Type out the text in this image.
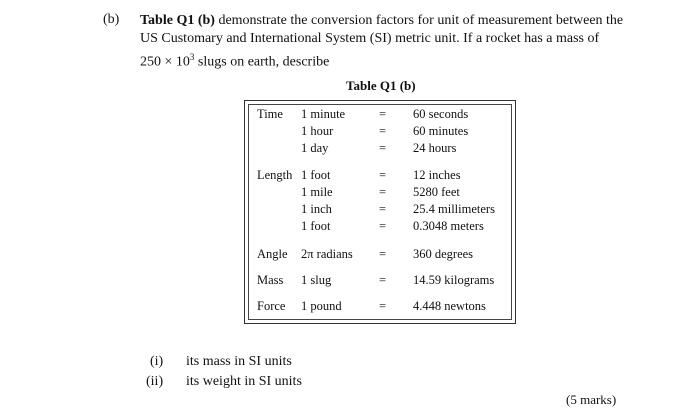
(b) Table Q1 (b) demonstrate the conversion factors for unit of measurement between the
US Customary and International System (SI) metric unit. If a rocket has a mass of
$250 \times 10^3$ slugs on earth, describe
Table Q1 (b)
Time 1 minute	= 60 seconds
1 hour	= 60 minutes
1 day	= 24 hours
Length 1 foot	= 12 inches
1 mile	= 5280 feet
1 inch	= 25.4 millimeters
1 foot	= 0.3048 meters
Angle 2π radians = 360 degrees
Mass 1 slug	= 14.59 kilograms
Force 1 pound	= 4.448 newtons
(i) its mass in SI units
(ii) its weight in SI units
(5 marks)
